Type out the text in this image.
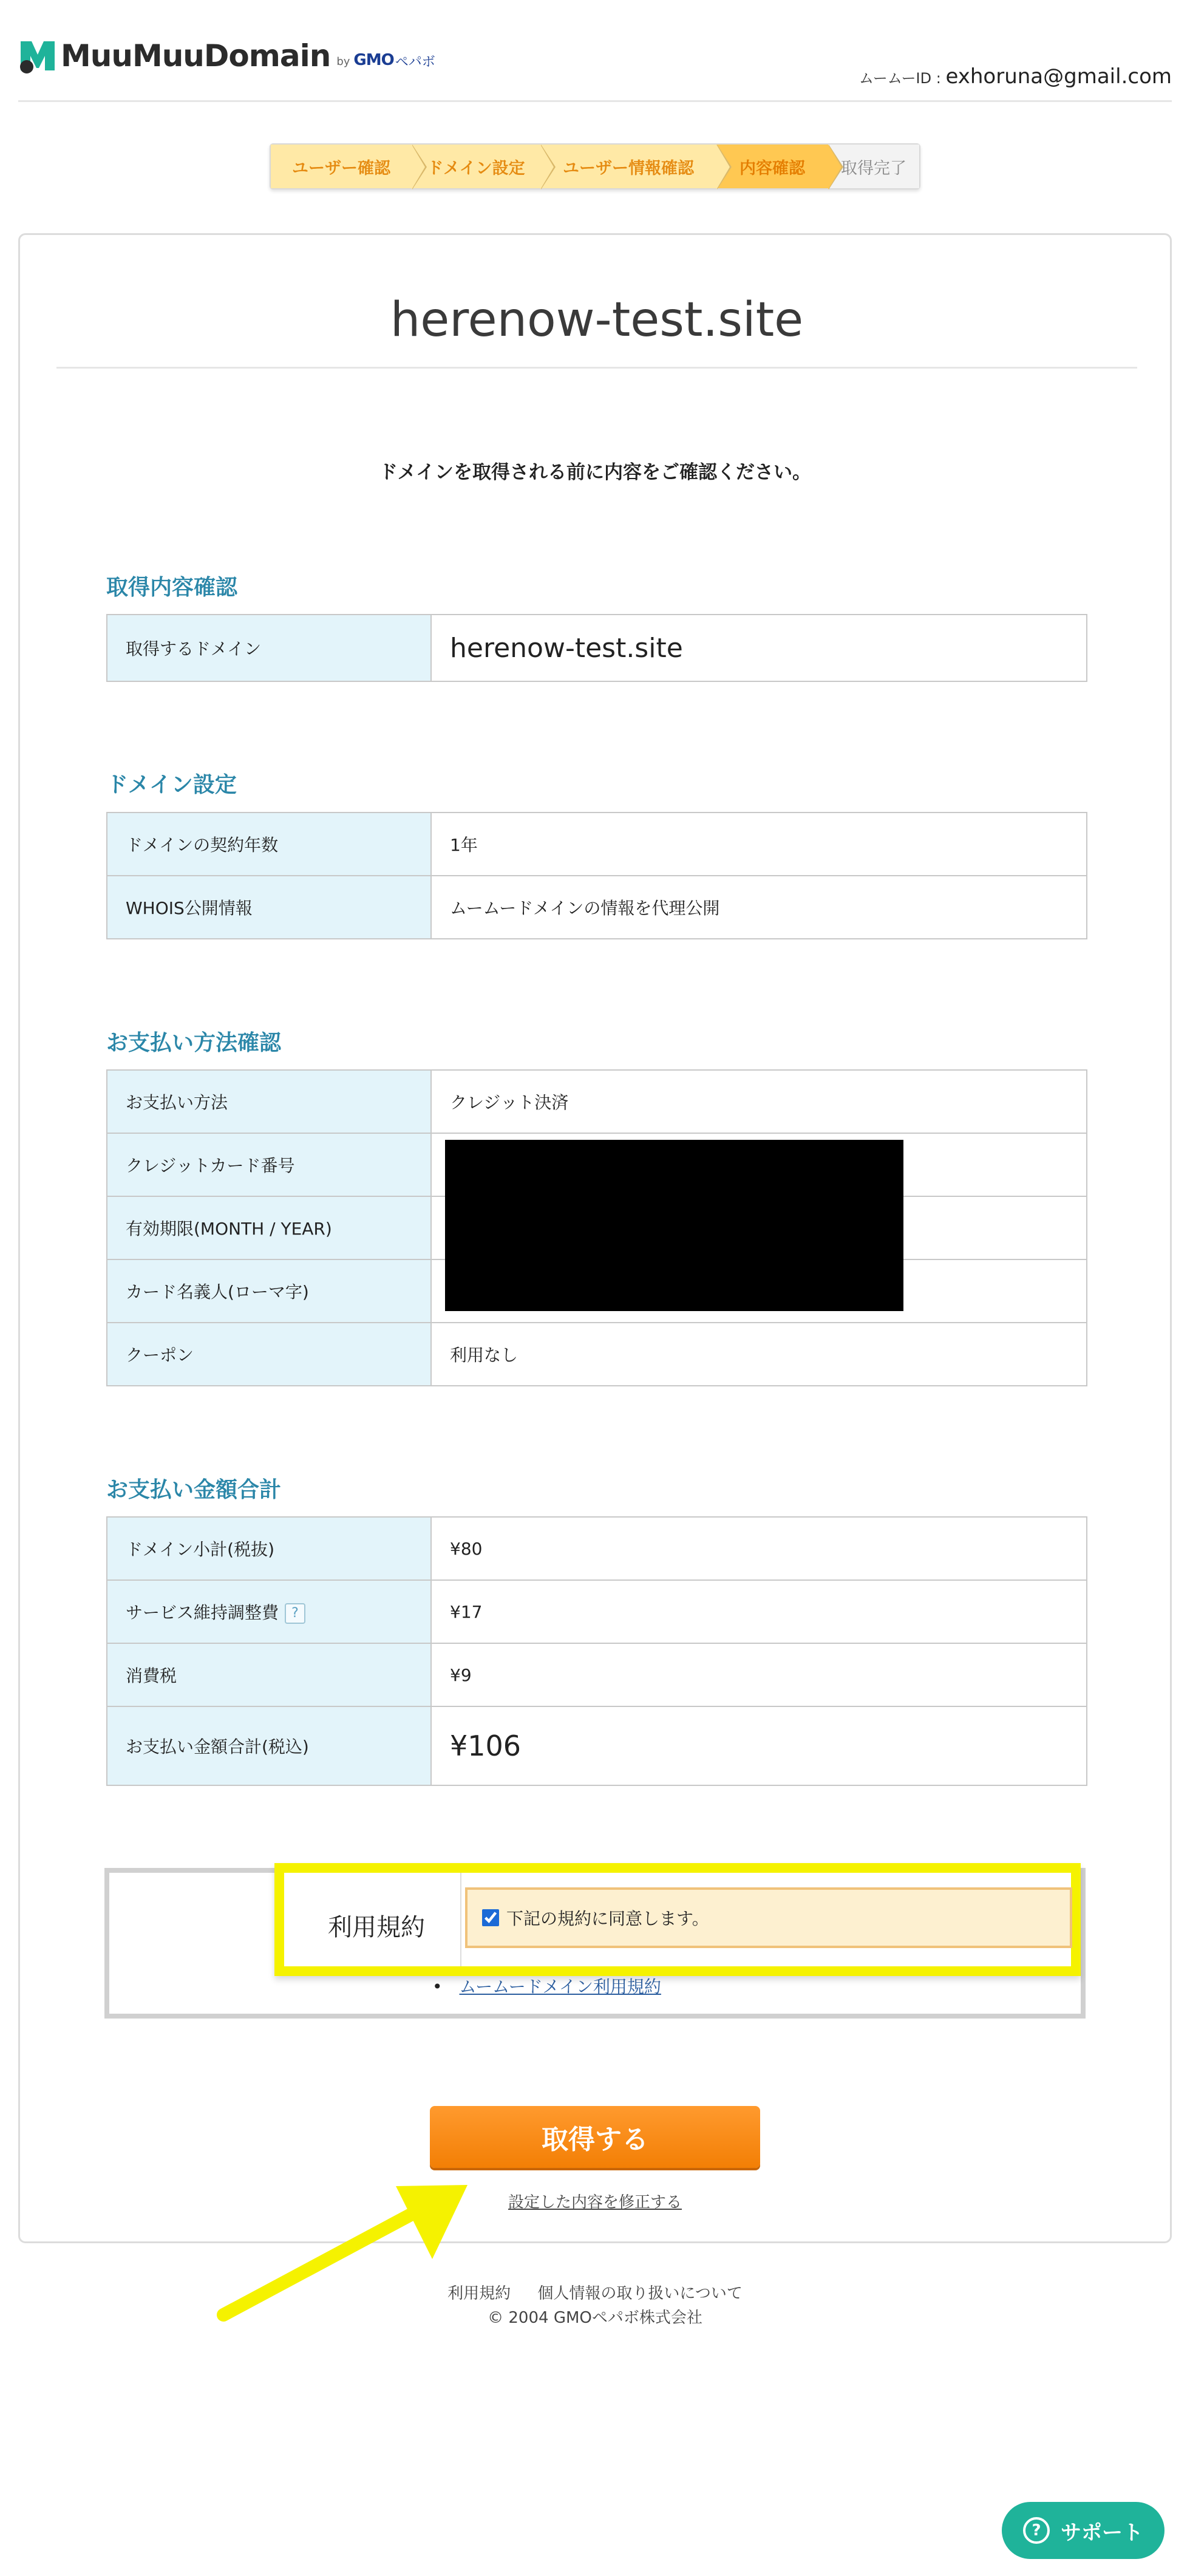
MuuMuuDomain by GMO ペパボ
ムームーID : exhoruna@gmail.com
ユーザー確認 ドメイン設定 ユーザー情報確認	内容確認 取得完了
herenow-test.site
ドメインを取得される前に内容をご確認ください。
取得内容確認
取得するドメイン	herenow-test.site
ドメイン設定
ドメインの契約年数	1年
WHOIS公開情報	ムームードメインの情報を代理公開
お支払い方法確認
お支払い方法	クレジット決済
クレジットカード番号	
有効期限(MONTH / YEAR)	
カード名義人(ローマ字)	
クーポン	利用なし
お支払い金額合計
ドメイン小計(税抜)	¥80
サービス維持調整費 ?	¥17
消費税	¥9
お支払い金額合計(税込)	¥106
• ムームードメイン利用規約
利用規約	下記の規約に同意します。
取得する
設定した内容を修正する
利用規約 個人情報の取り扱いについて
© 2004 GMOペパボ株式会社
? サポート
